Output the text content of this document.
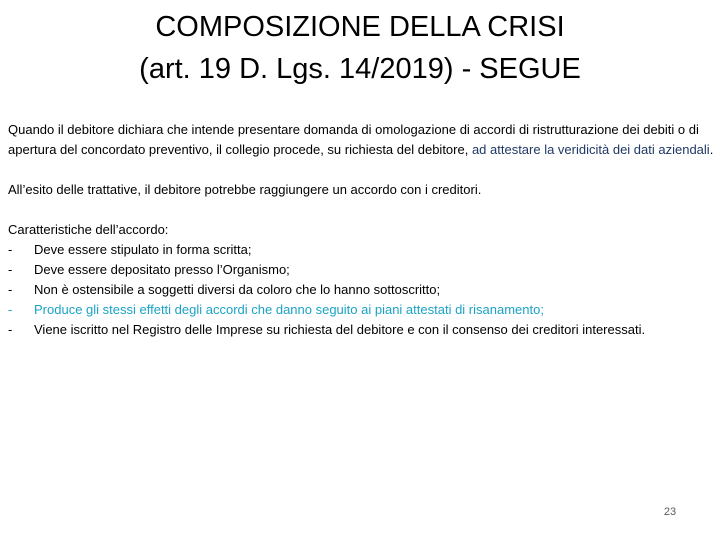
COMPOSIZIONE DELLA CRISI
(art. 19 D. Lgs. 14/2019) - SEGUE

Quando il debitore dichiara che intende presentare domanda di omologazione di accordi di ristrutturazione dei debiti o di apertura del concordato preventivo, il collegio procede, su richiesta del debitore, ad attestare la veridicità dei dati aziendali.

All’esito delle trattative, il debitore potrebbe raggiungere un accordo con i creditori.

Caratteristiche dell’accordo:

- Deve essere stipulato in forma scritta;
- Deve essere depositato presso l’Organismo;
- Non è ostensibile a soggetti diversi da coloro che lo hanno sottoscritto;
- Produce gli stessi effetti degli accordi che danno seguito ai piani attestati di risanamento;
- Viene iscritto nel Registro delle Imprese su richiesta del debitore e con il consenso dei creditori interessati.
23
